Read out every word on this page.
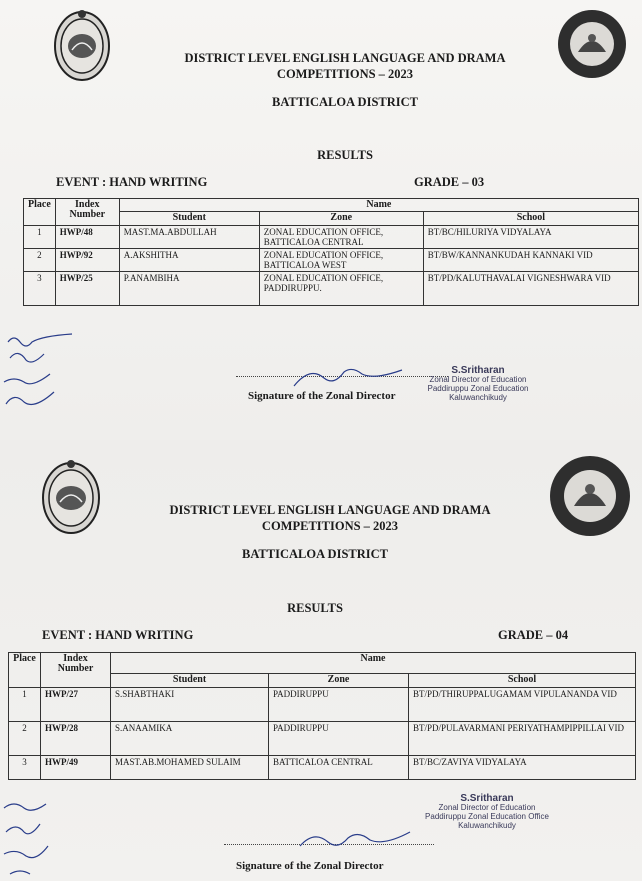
DISTRICT LEVEL ENGLISH LANGUAGE AND DRAMA
COMPETITIONS – 2023
BATTICALOA DISTRICT
RESULTS
EVENT : HAND WRITING	GRADE – 03
Place	Index Number	Name		
		Student	Zone	School
1	HWP/48	MAST.MA.ABDULLAH	ZONAL EDUCATION OFFICE, BATTICALOA CENTRAL	BT/BC/HILURIYA VIDYALAYA
2	HWP/92	A.AKSHITHA	ZONAL EDUCATION OFFICE, BATTICALOA WEST	BT/BW/KANNANKUDAH KANNAKI VID
3	HWP/25	P.ANAMBIHA	ZONAL EDUCATION OFFICE, PADDIRUPPU.	BT/PD/KALUTHAVALAI VIGNESHWARA VID
Signature of the Zonal Director
S.Sritharan
Zonal Director of Education
Paddiruppu Zonal Education
Kaluwanchikudy
DISTRICT LEVEL ENGLISH LANGUAGE AND DRAMA
COMPETITIONS – 2023
BATTICALOA DISTRICT
RESULTS
EVENT : HAND WRITING	GRADE – 04
Place	Index Number	Name		
		Student	Zone	School
1	HWP/27	S.SHABTHAKI	PADDIRUPPU	BT/PD/THIRUPPALUGAMAM VIPULANANDA VID
2	HWP/28	S.ANAAMIKA	PADDIRUPPU	BT/PD/PULAVARMANI PERIYATHAMPIPPILLAI VID
3	HWP/49	MAST.AB.MOHAMED SULAIM	BATTICALOA CENTRAL	BT/BC/ZAVIYA VIDYALAYA
Signature of the Zonal Director
S.Sritharan
Zonal Director of Education
Paddiruppu Zonal Education Office
Kaluwanchikudy
